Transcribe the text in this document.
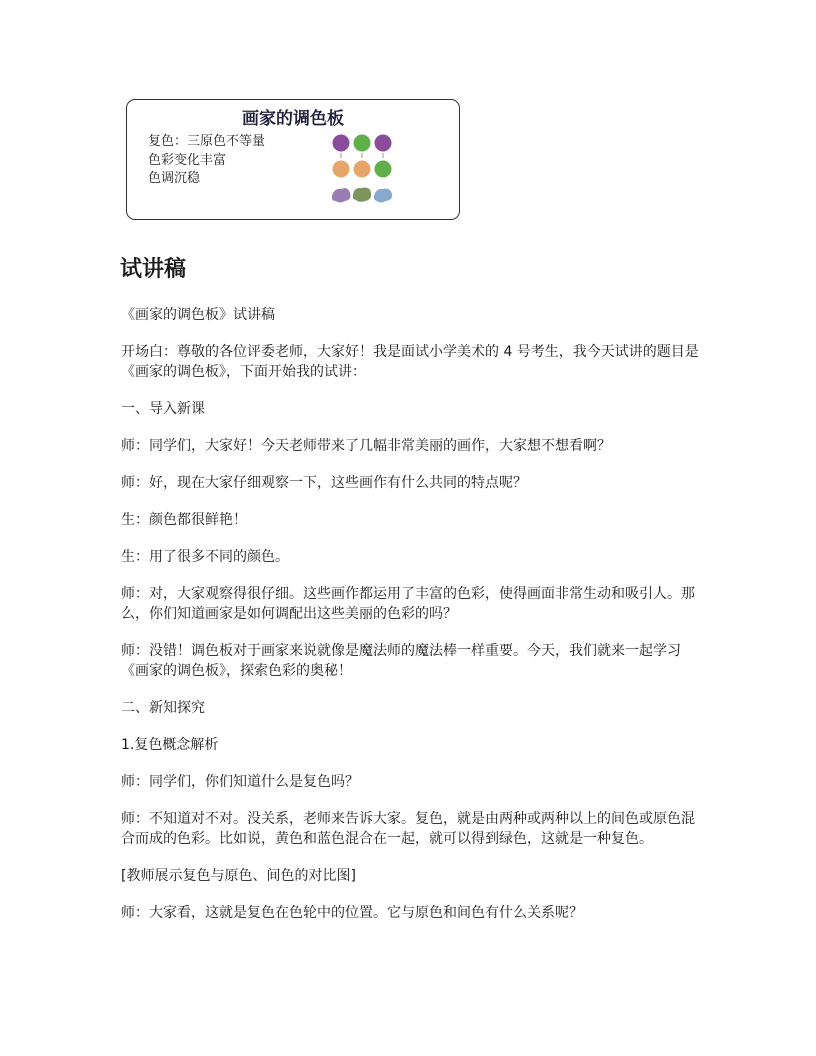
画家的调色板
复色：三原色不等量
色彩变化丰富
色调沉稳
试讲稿

《画家的调色板》试讲稿

开场白：尊敬的各位评委老师，大家好！我是面试小学美术的 4 号考生，我今天试讲的题目是《画家的调色板》，下面开始我的试讲：

一、导入新课

师：同学们，大家好！今天老师带来了几幅非常美丽的画作，大家想不想看啊？

师：好，现在大家仔细观察一下，这些画作有什么共同的特点呢？

生：颜色都很鲜艳！

生：用了很多不同的颜色。

师：对，大家观察得很仔细。这些画作都运用了丰富的色彩，使得画面非常生动和吸引人。那么，你们知道画家是如何调配出这些美丽的色彩的吗？

师：没错！调色板对于画家来说就像是魔法师的魔法棒一样重要。今天，我们就来一起学习《画家的调色板》，探索色彩的奥秘！

二、新知探究

1.复色概念解析

师：同学们，你们知道什么是复色吗？

师：不知道对不对。没关系，老师来告诉大家。复色，就是由两种或两种以上的间色或原色混合而成的色彩。比如说，黄色和蓝色混合在一起，就可以得到绿色，这就是一种复色。

[教师展示复色与原色、间色的对比图]

师：大家看，这就是复色在色轮中的位置。它与原色和间色有什么关系呢？
